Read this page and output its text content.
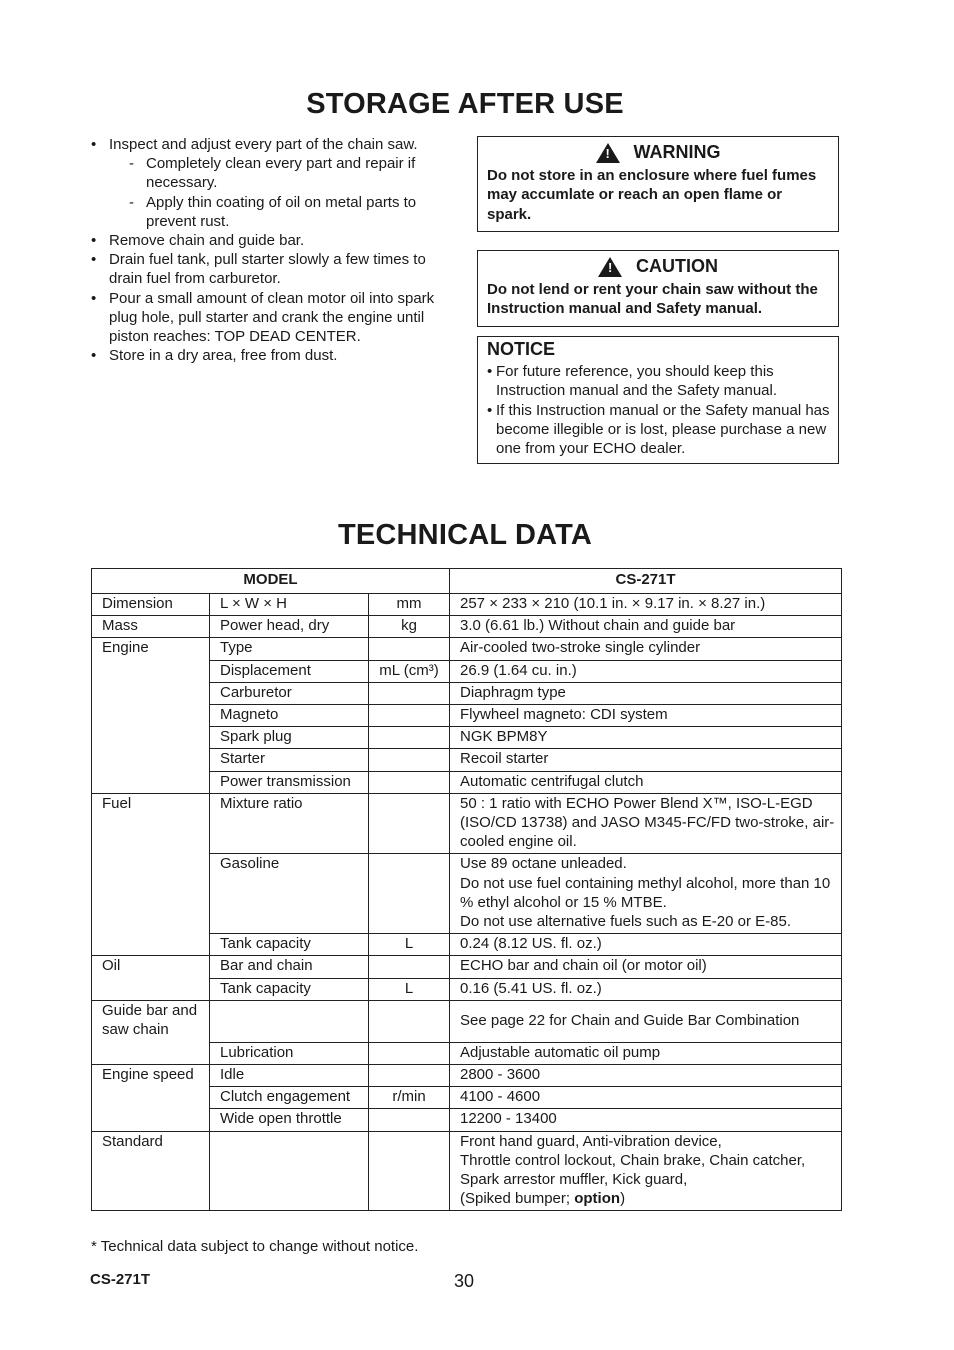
STORAGE AFTER USE
• Inspect and adjust every part of the chain saw.
- Completely clean every part and repair if necessary.
- Apply thin coating of oil on metal parts to prevent rust.
• Remove chain and guide bar.
• Drain fuel tank, pull starter slowly a few times to drain fuel from carburetor.
• Pour a small amount of clean motor oil into spark plug hole, pull starter and crank the engine until piston reaches: TOP DEAD CENTER.
• Store in a dry area, free from dust.
!
WARNING
Do not store in an enclosure where fuel fumes may accumlate or reach an open flame or spark.
!
CAUTION
Do not lend or rent your chain saw without the Instruction manual and Safety manual.
NOTICE
• For future reference, you should keep this Instruction manual and the Safety manual.
• If this Instruction manual or the Safety manual has become illegible or is lost, please purchase a new one from your ECHO dealer.
TECHNICAL DATA
MODEL			CS-271T
Dimension	L × W × H	mm	257 × 233 × 210 (10.1 in. × 9.17 in. × 8.27 in.)
Mass	Power head, dry	kg	3.0 (6.61 lb.) Without chain and guide bar
Engine	Type		Air-cooled two-stroke single cylinder
	Displacement	mL (cm³)	26.9 (1.64 cu. in.)
	Carburetor		Diaphragm type
	Magneto		Flywheel magneto: CDI system
	Spark plug		NGK BPM8Y
	Starter		Recoil starter
	Power transmission		Automatic centrifugal clutch
Fuel	Mixture ratio		50 : 1 ratio with ECHO Power Blend X™, ISO-L-EGD (ISO/CD 13738) and JASO M345-FC/FD two-stroke, air-cooled engine oil.
	Gasoline		Use 89 octane unleaded.
Do not use fuel containing methyl alcohol, more than 10 % ethyl alcohol or 15 % MTBE.
Do not use alternative fuels such as E-20 or E-85.

	Tank capacity	L	0.24 (8.12 US. fl. oz.)
Oil	Bar and chain		ECHO bar and chain oil (or motor oil)
	Tank capacity	L	0.16 (5.41 US. fl. oz.)
Guide bar and saw chain			See page 22 for Chain and Guide Bar Combination
	Lubrication		Adjustable automatic oil pump
Engine speed	Idle		2800 - 3600
	Clutch engagement	r/min	4100 - 4600
	Wide open throttle		12200 - 13400
Standard			Front hand guard, Anti-vibration device,
Throttle control lockout, Chain brake, Chain catcher,
Spark arrestor muffler, Kick guard,
(Spiked bumper; option)
* Technical data subject to change without notice.
CS-271T	30
